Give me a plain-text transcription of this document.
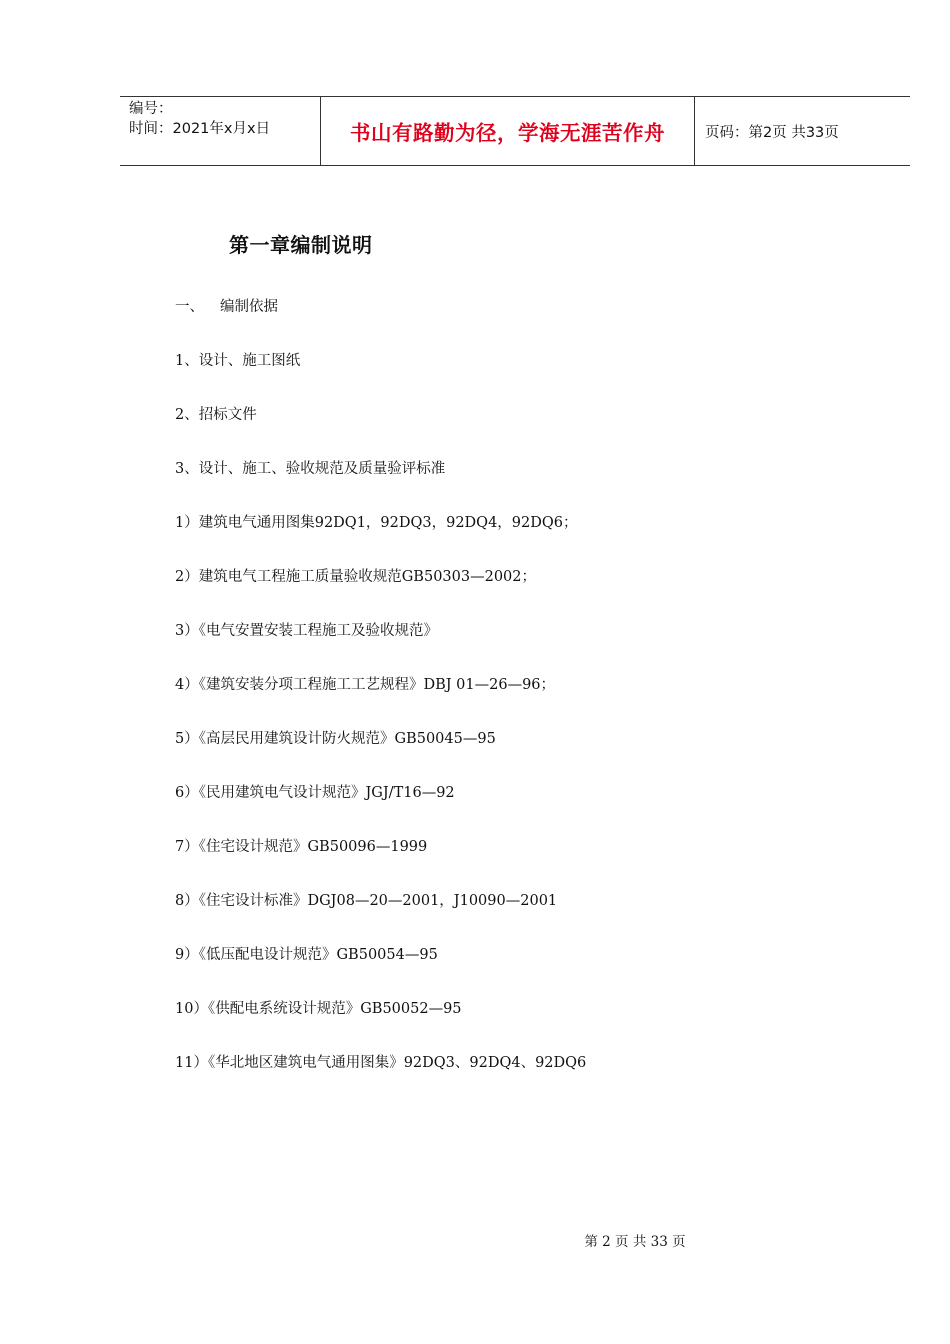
编号：
时间：2021年x月x日	书山有路勤为径，学海无涯苦作舟	页码：第2页 共33页
第一章编制说明
一、 编制依据
1、设计、施工图纸
2、招标文件
3、设计、施工、验收规范及质量验评标准
1）建筑电气通用图集92DQ1，92DQ3，92DQ4，92DQ6；
2）建筑电气工程施工质量验收规范GB50303—2002；
3）《电气安置安装工程施工及验收规范》
4）《建筑安装分项工程施工工艺规程》DBJ 01—26—96；
5）《高层民用建筑设计防火规范》GB50045—95
6）《民用建筑电气设计规范》JGJ/T16—92
7）《住宅设计规范》GB50096—1999
8）《住宅设计标准》DGJ08—20—2001，J10090—2001
9）《低压配电设计规范》GB50054—95
10）《供配电系统设计规范》GB50052—95
11）《华北地区建筑电气通用图集》92DQ3、92DQ4、92DQ6
第 2 页 共 33 页
